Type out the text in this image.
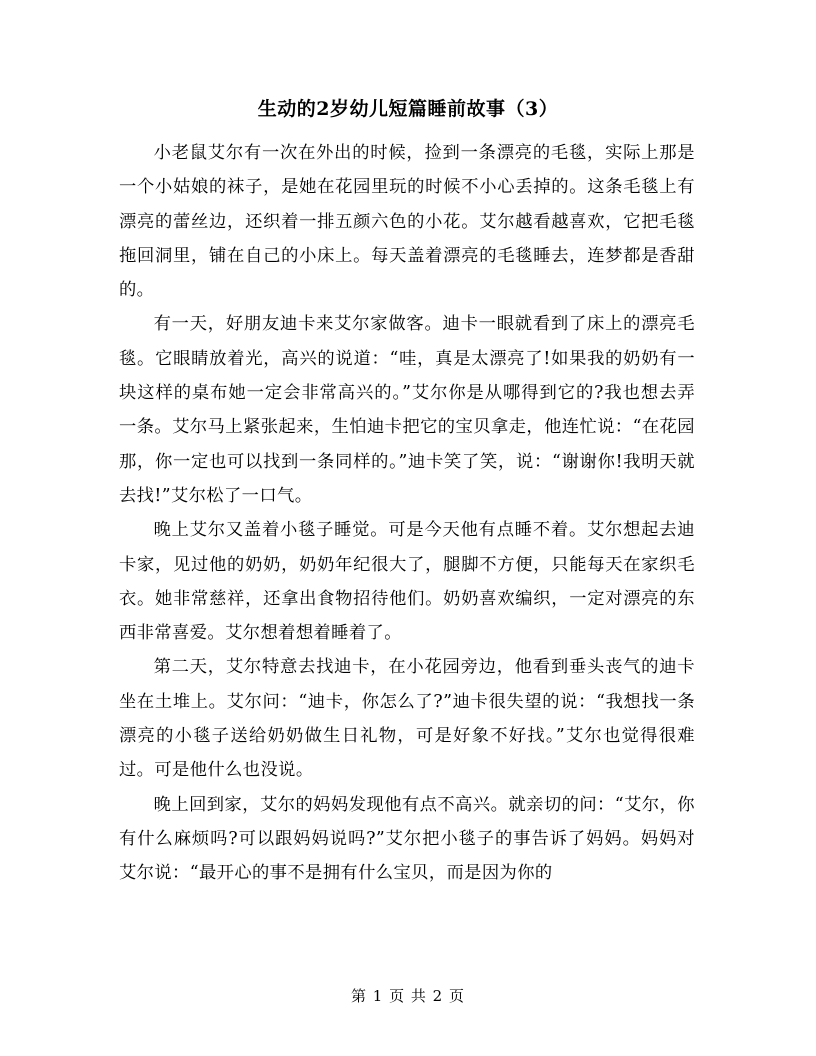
生动的2岁幼儿短篇睡前故事（3）

小老鼠艾尔有一次在外出的时候，捡到一条漂亮的毛毯，实际上那是一个小姑娘的袜子，是她在花园里玩的时候不小心丢掉的。这条毛毯上有漂亮的蕾丝边，还织着一排五颜六色的小花。艾尔越看越喜欢，它把毛毯拖回洞里，铺在自己的小床上。每天盖着漂亮的毛毯睡去，连梦都是香甜的。

有一天，好朋友迪卡来艾尔家做客。迪卡一眼就看到了床上的漂亮毛毯。它眼睛放着光，高兴的说道：“哇，真是太漂亮了!如果我的奶奶有一块这样的桌布她一定会非常高兴的。”艾尔你是从哪得到它的?我也想去弄一条。艾尔马上紧张起来，生怕迪卡把它的宝贝拿走，他连忙说：“在花园那，你一定也可以找到一条同样的。”迪卡笑了笑，说：“谢谢你!我明天就去找!”艾尔松了一口气。

晚上艾尔又盖着小毯子睡觉。可是今天他有点睡不着。艾尔想起去迪卡家，见过他的奶奶，奶奶年纪很大了，腿脚不方便，只能每天在家织毛衣。她非常慈祥，还拿出食物招待他们。奶奶喜欢编织，一定对漂亮的东西非常喜爱。艾尔想着想着睡着了。

第二天，艾尔特意去找迪卡，在小花园旁边，他看到垂头丧气的迪卡坐在土堆上。艾尔问：“迪卡，你怎么了?”迪卡很失望的说：“我想找一条漂亮的小毯子送给奶奶做生日礼物，可是好象不好找。”艾尔也觉得很难过。可是他什么也没说。

晚上回到家，艾尔的妈妈发现他有点不高兴。就亲切的问：“艾尔，你有什么麻烦吗?可以跟妈妈说吗?”艾尔把小毯子的事告诉了妈妈。妈妈对艾尔说：“最开心的事不是拥有什么宝贝，而是因为你的

第 1 页 共 2 页
